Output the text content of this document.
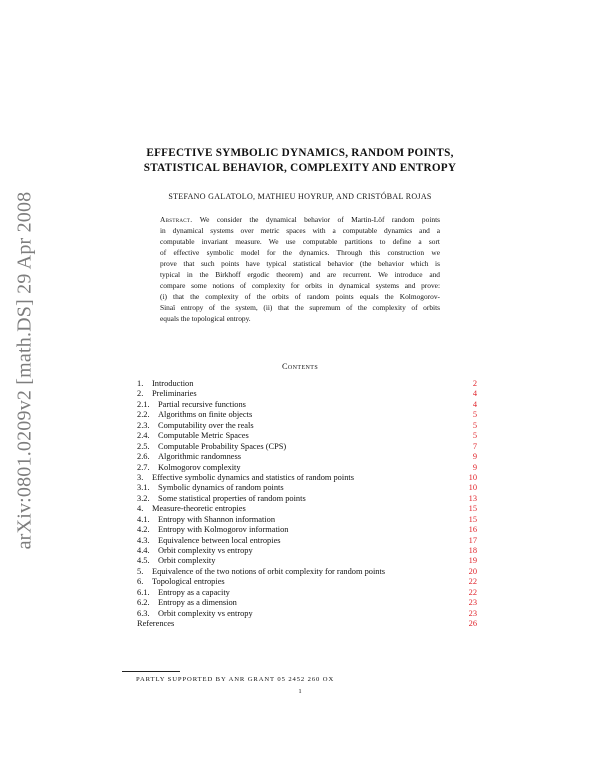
arXiv:0801.0209v2 [math.DS] 29 Apr 2008
EFFECTIVE SYMBOLIC DYNAMICS, RANDOM POINTS,
STATISTICAL BEHAVIOR, COMPLEXITY AND ENTROPY
STEFANO GALATOLO, MATHIEU HOYRUP, AND CRISTÓBAL ROJAS
Abstract. We consider the dynamical behavior of Martin-Löf random points
in dynamical systems over metric spaces with a computable dynamics and a
computable invariant measure. We use computable partitions to define a sort
of effective symbolic model for the dynamics. Through this construction we
prove that such points have typical statistical behavior (the behavior which is
typical in the Birkhoff ergodic theorem) and are recurrent. We introduce and
compare some notions of complexity for orbits in dynamical systems and prove:
(i) that the complexity of the orbits of random points equals the Kolmogorov-
Sinaï entropy of the system, (ii) that the supremum of the complexity of orbits
equals the topological entropy.
Contents
1.	Introduction	2
2.	Preliminaries	4
2.1.	Partial recursive functions	4
2.2.	Algorithms on finite objects	5
2.3.	Computability over the reals	5
2.4.	Computable Metric Spaces	5
2.5.	Computable Probability Spaces (CPS)	7
2.6.	Algorithmic randomness	9
2.7.	Kolmogorov complexity	9
3.	Effective symbolic dynamics and statistics of random points	10
3.1.	Symbolic dynamics of random points	10
3.2.	Some statistical properties of random points	13
4.	Measure-theoretic entropies	15
4.1.	Entropy with Shannon information	15
4.2.	Entropy with Kolmogorov information	16
4.3.	Equivalence between local entropies	17
4.4.	Orbit complexity vs entropy	18
4.5.	Orbit complexity	19
5.	Equivalence of the two notions of orbit complexity for random points	20
6.	Topological entropies	22
6.1.	Entropy as a capacity	22
6.2.	Entropy as a dimension	23
6.3.	Orbit complexity vs entropy	23
References	26
PARTLY SUPPORTED BY ANR GRANT 05 2452 260 OX
1
